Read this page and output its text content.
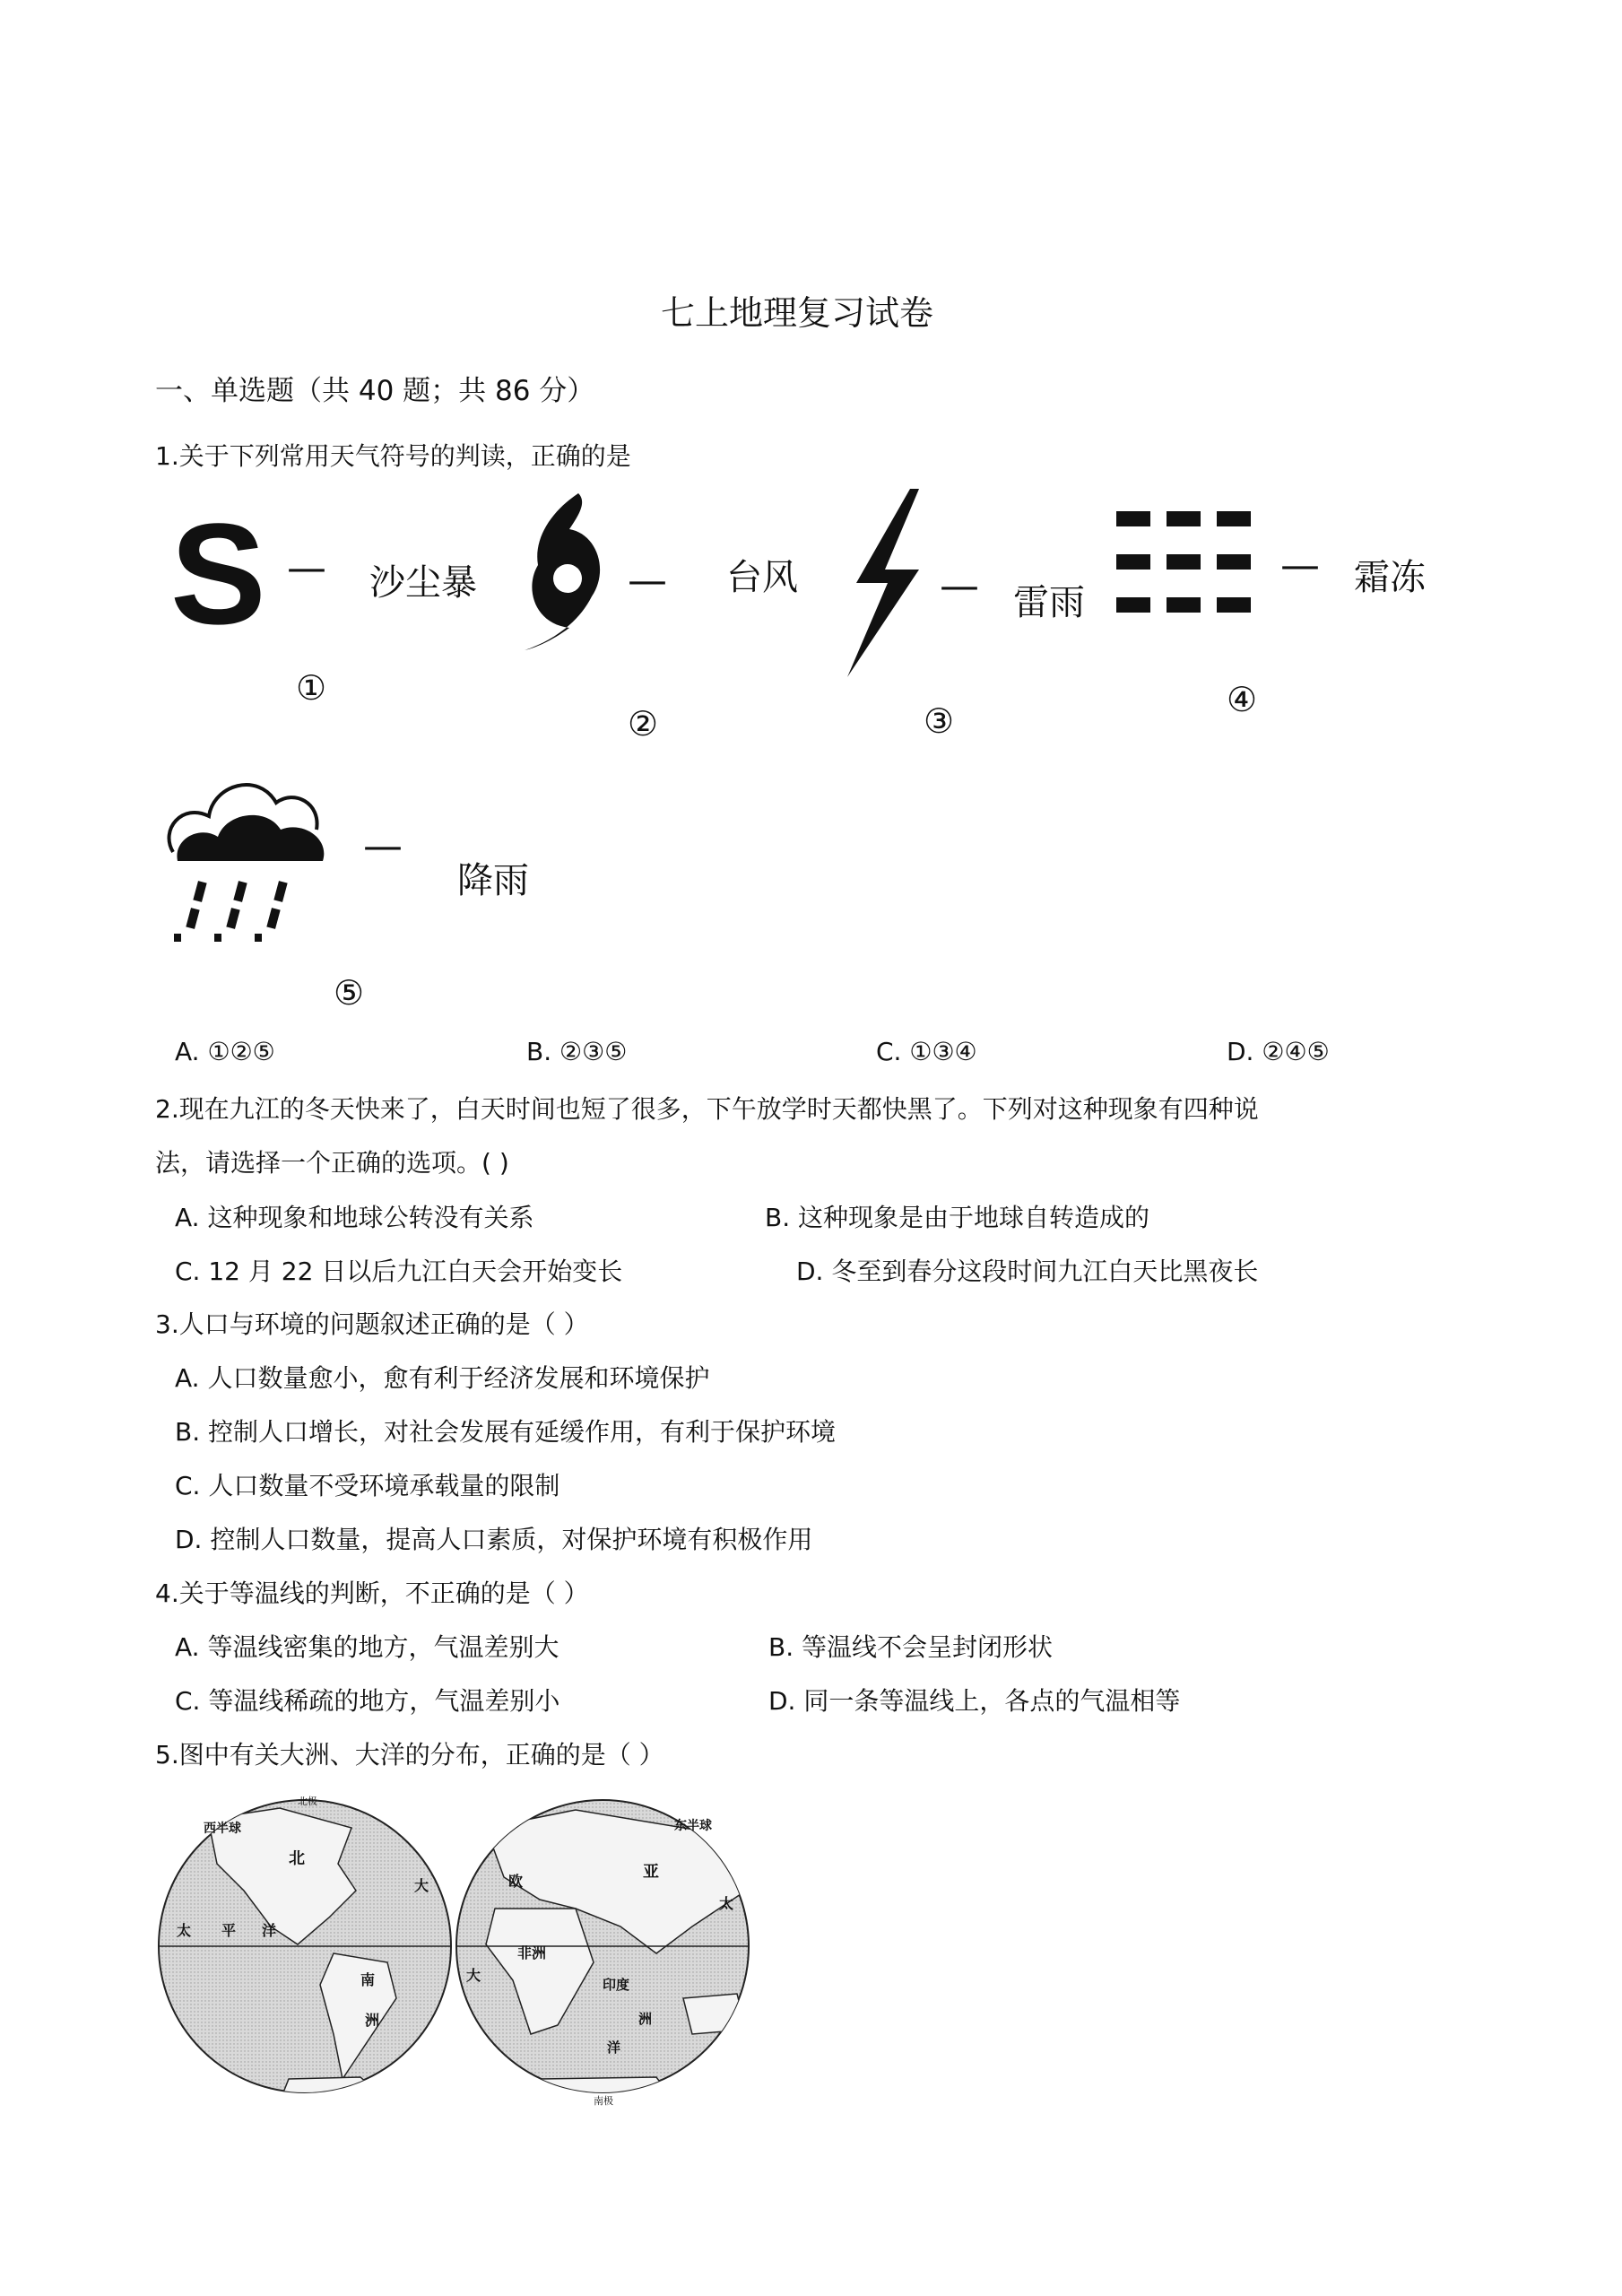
七上地理复习试卷
一、单选题（共 40 题；共 86 分）
1.关于下列常用天气符号的判读，正确的是
S — 沙尘暴
①
— 台风
②
— 雷雨
③
— 霜冻
④
—
降雨
⑤
A. ①②⑤	B. ②③⑤	C. ①③④	D. ②④⑤
2.现在九江的冬天快来了，白天时间也短了很多，下午放学时天都快黑了。下列对这种现象有四种说
法，请选择一个正确的选项。( )
A. 这种现象和地球公转没有关系	B. 这种现象是由于地球自转造成的
C. 12 月 22 日以后九江白天会开始变长	D. 冬至到春分这段时间九江白天比黑夜长
3.人口与环境的问题叙述正确的是（ ）
A. 人口数量愈小，愈有利于经济发展和环境保护
B. 控制人口增长，对社会发展有延缓作用，有利于保护环境
C. 人口数量不受环境承载量的限制
D. 控制人口数量，提高人口素质，对保护环境有积极作用
4.关于等温线的判断，不正确的是（ ）
A. 等温线密集的地方，气温差别大	B. 等温线不会呈封闭形状
C. 等温线稀疏的地方，气温差别小	D. 同一条等温线上，各点的气温相等
5.图中有关大洲、大洋的分布，正确的是（ ）
北极
西半球
北
太 平 洋
大
南
洲
东半球
亚
欧
非洲
印度
太
大
洲
洋
南极
